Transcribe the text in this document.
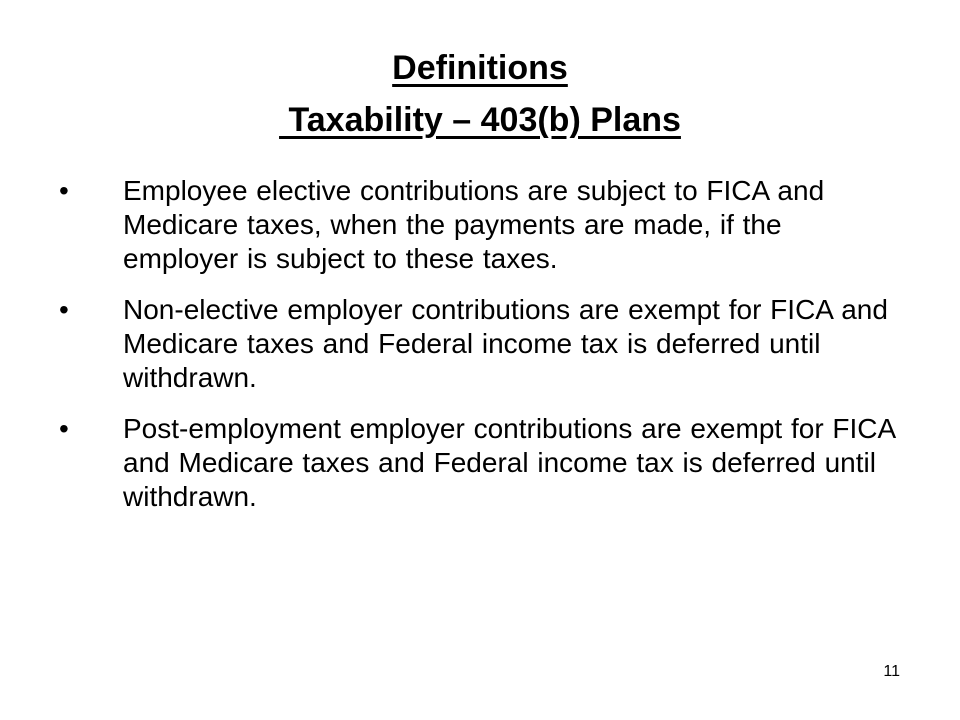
Definitions
Taxability – 403(b) Plans
• Employee elective contributions are subject to FICA and Medicare taxes, when the payments are made, if the employer is subject to these taxes.
• Non-elective employer contributions are exempt for FICA and Medicare taxes and Federal income tax is deferred until withdrawn.
• Post-employment employer contributions are exempt for FICA and Medicare taxes and Federal income tax is deferred until withdrawn.
11
